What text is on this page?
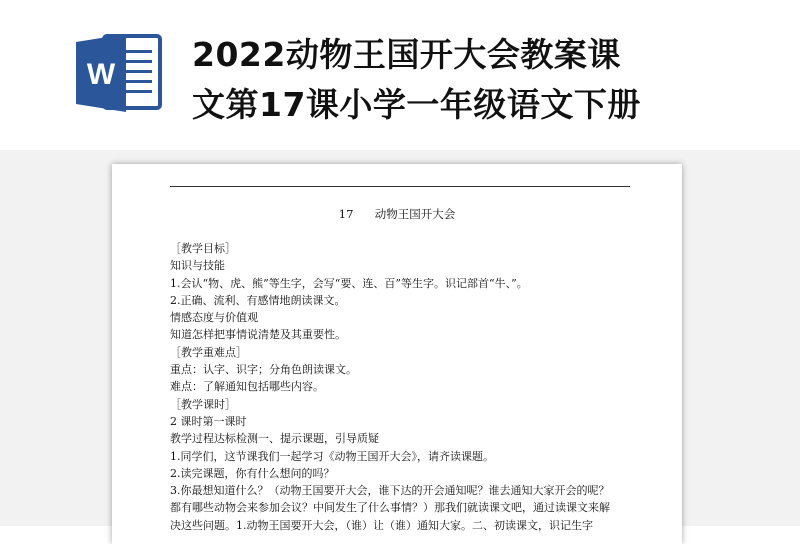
W
2022动物王国开大会教案课
文第17课小学一年级语文下册
17 动物王国开大会
［教学目标］
知识与技能
1.会认“物、虎、熊”等生字，会写“要、连、百”等生字。识记部首“牛、”。
2.正确、流利、有感情地朗读课文。
情感态度与价值观
知道怎样把事情说清楚及其重要性。
［教学重难点］
重点：认字、识字；分角色朗读课文。
难点：了解通知包括哪些内容。
［教学课时］
2 课时第一课时
教学过程达标检测一、提示课题，引导质疑
1.同学们，这节课我们一起学习《动物王国开大会》，请齐读课题。
2.读完课题，你有什么想问的吗？
3.你最想知道什么？（动物王国要开大会，谁下达的开会通知呢？谁去通知大家开会的呢？
都有哪些动物会来参加会议？中间发生了什么事情？）那我们就读课文吧，通过读课文来解
决这些问题。1.动物王国要开大会，（谁）让（谁）通知大家。二、初读课文，识记生字
